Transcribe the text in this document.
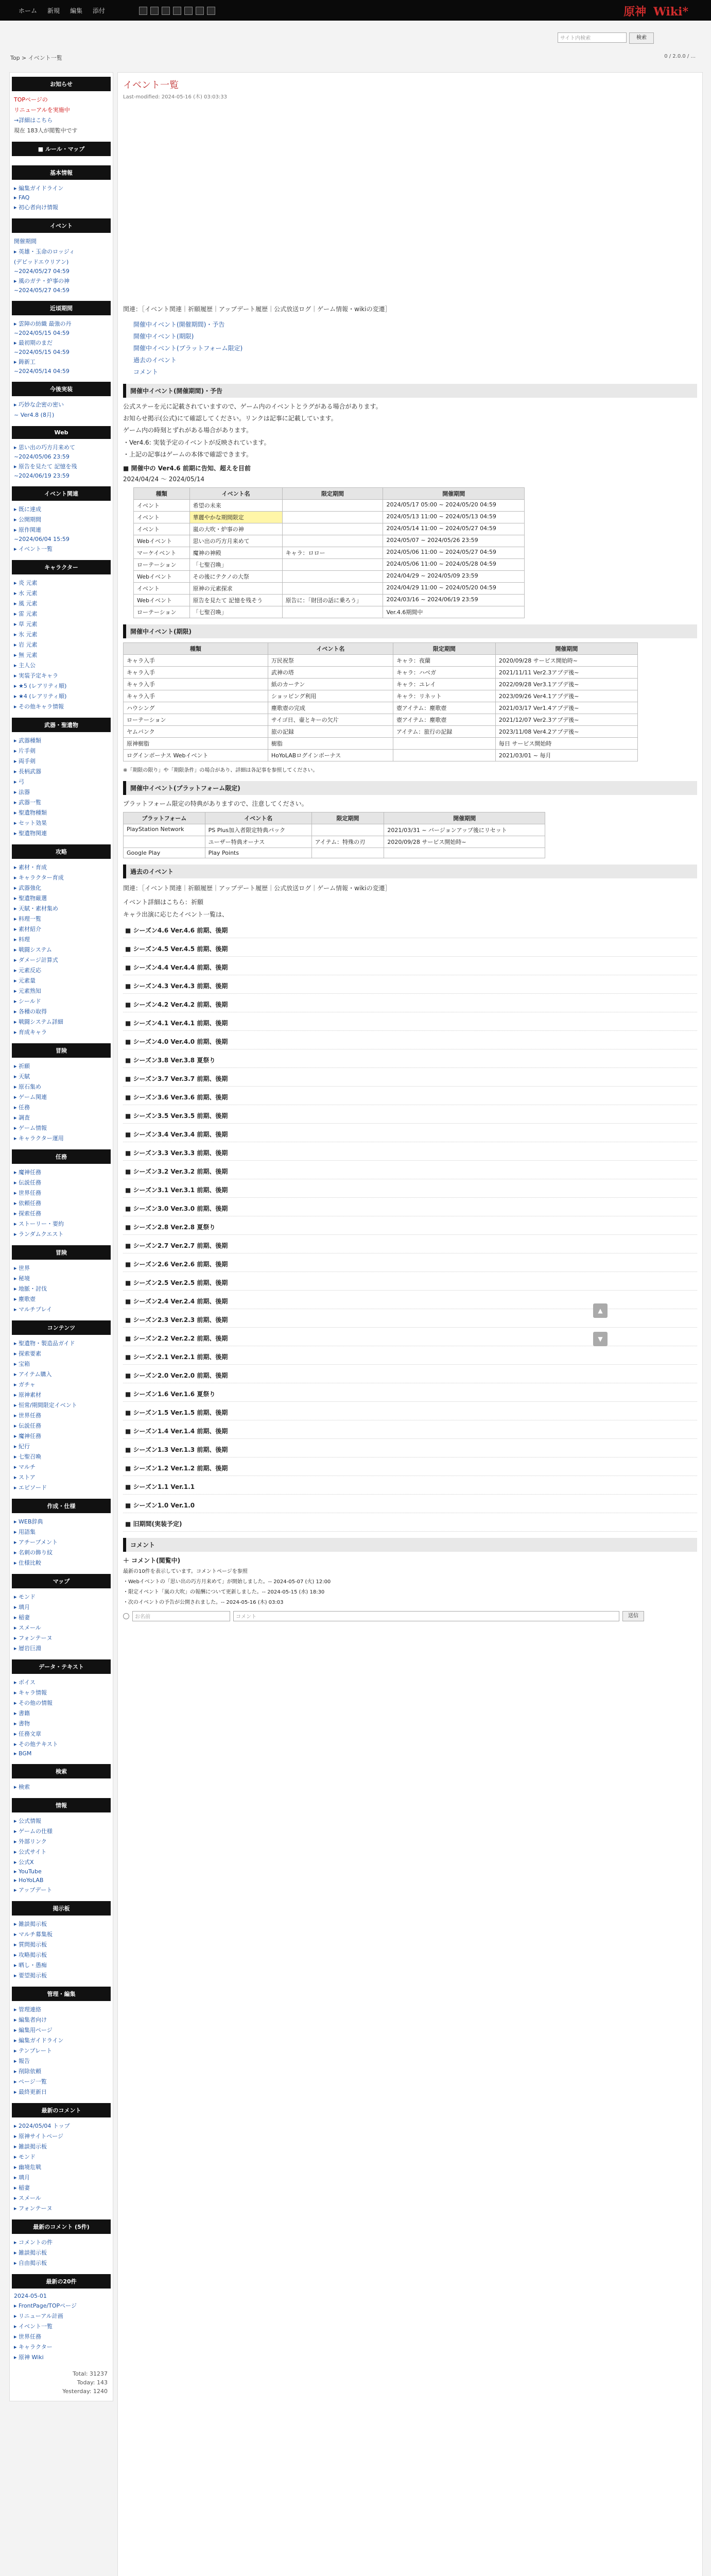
ホーム 新規 編集 添付	原神 Wiki*
サイト内検索	検索
Top > イベント一覧	0 / 2.0.0 / ...
お知らせ
TOPページの
リニューアルを実施中
→詳細はこちら
現在 183人が閲覧中です
■ ルール・マップ
基本情報
▸ 編集ガイドライン
▸ FAQ
▸ 初心者向け情報
イベント
開催期間
▸ 英雄・玉命のロッジィ
(デビッドエウリアン)
~2024/05/27 04:59
▸ 風のガテ・炉事の神
~2024/05/27 04:59
近頃期間
▸ 雲陣の紡織 最強の丹
~2024/05/15 04:59
▸ 最初期のまだ
~2024/05/15 04:59
▸ 鋳新工
~2024/05/14 04:59
今後実装
▸ 巧妙な企密の密い
~ Ver4.8 (8月)
Web
▸ 思い出の巧方月来めて
~2024/05/06 23:59
▸ 原告を見たて 記憶を残
~2024/06/19 23:59
イベント関連
▸ 既に達成
▸ 公開期間
▸ 原作関連
~2024/06/04 15:59
▸ イベント一覧
キャラクター
▸ 炎 元素
▸ 水 元素
▸ 風 元素
▸ 雷 元素
▸ 草 元素
▸ 氷 元素
▸ 岩 元素
▸ 無 元素
▸ 主人公
▸ 実装予定キャラ
▸ ★5 (レアリティ順)
▸ ★4 (レアリティ順)
▸ その他キャラ情報
武器・聖遺物
▸ 武器種類
▸ 片手剣
▸ 両手剣
▸ 長柄武器
▸ 弓
▸ 法器
▸ 武器一覧
▸ 聖遺物種類
▸ セット効果
▸ 聖遺物関連
攻略
▸ 素材・育成
▸ キャラクター育成
▸ 武器強化
▸ 聖遺物厳選
▸ 天賦・素材集め
▸ 料理一覧
▸ 素材紹介
▸ 料理
▸ 戦闘システム
▸ ダメージ計算式
▸ 元素反応
▸ 元素量
▸ 元素熟知
▸ シールド
▸ 各種の取得
▸ 戦闘システム詳細
▸ 育成キャラ
冒険
▸ 祈願
▸ 天賦
▸ 原石集め
▸ ゲーム関連
▸ 任務
▸ 調査
▸ ゲーム情報
▸ キャラクター運用
任務
▸ 魔神任務
▸ 伝説任務
▸ 世界任務
▸ 依頼任務
▸ 探索任務
▸ ストーリー・要約
▸ ランダムクエスト
冒険
▸ 世界
▸ 秘境
▸ 地脈・討伐
▸ 塵歌壺
▸ マルチプレイ
コンテンツ
▸ 聖遺物・製造品ガイド
▸ 探索要素
▸ 宝箱
▸ アイテム購入
▸ ガチャ
▸ 原神素材
▸ 恒常/期間限定イベント
▸ 世界任務
▸ 伝説任務
▸ 魔神任務
▸ 紀行
▸ 七聖召喚
▸ マルチ
▸ ストア
▸ エピソード
作成・仕様
▸ WEB辞典
▸ 用語集
▸ アチーブメント
▸ 名刺の飾り紋
▸ 仕様比較
マップ
▸ モンド
▸ 璃月
▸ 稲妻
▸ スメール
▸ フォンテーヌ
▸ 層岩巨淵
データ・テキスト
▸ ボイス
▸ キャラ情報
▸ その他の情報
▸ 書籍
▸ 書物
▸ 任務文章
▸ その他テキスト
▸ BGM
検索
▸ 検索
情報
▸ 公式情報
▸ ゲームの仕様
▸ 外部リンク
▸ 公式サイト
▸ 公式X
▸ YouTube
▸ HoYoLAB
▸ アップデート
掲示板
▸ 雑談掲示板
▸ マルチ募集板
▸ 質問掲示板
▸ 攻略掲示板
▸ 晒し・愚痴
▸ 要望掲示板
管理・編集
▸ 管理連絡
▸ 編集者向け
▸ 編集用ページ
▸ 編集ガイドライン
▸ テンプレート
▸ 報告
▸ 削除依頼
▸ ページ一覧
▸ 最終更新日
最新のコメント
▸ 2024/05/04 トップ
▸ 原神サイトページ
▸ 雑談掲示板
▸ モンド
▸ 幽境危戦
▸ 璃月
▸ 稲妻
▸ スメール
▸ フォンテーヌ
最新のコメント (5件)
▸ コメントの件
▸ 雑談掲示板
▸ 自由掲示板
最新の20件
2024-05-01
▸ FrontPage/TOPページ
▸ リニューアル計画
▸ イベント一覧
▸ 世界任務
▸ キャラクター
▸ 原神 Wiki
Total: 31237
Today: 143
Yesterday: 1240
イベント一覧
Last-modified: 2024-05-16 (木) 03:03:33
関連：［イベント関連｜祈願履歴｜アップデート履歴｜公式放送ログ｜ゲーム情報・wikiの変遷］
開催中イベント(開催期間)・予告
開催中イベント(期限)
開催中イベント(プラットフォーム限定)
過去のイベント
コメント
開催中イベント(開催期間)・予告
公式ステーを元に記載されていますので、ゲーム内のイベントとラグがある場合があります。
お知らせ掲示(公式)にて確認してください。リンクは記事に記載しています。
ゲーム内の時刻とずれがある場合があります。
・Ver4.6: 実装予定のイベントが反映されています。
・上記の記事はゲームの本体で確認できます。
■ 開催中の Ver4.6 前期に告知、超えを目前
2024/04/24 〜 2024/05/14
種類	イベント名	限定期間	開催期間
イベント	希望の未来		2024/05/17 05:00 ~ 2024/05/20 04:59
イベント	華麗やかな期間限定		2024/05/13 11:00 ~ 2024/05/13 04:59
イベント	嵐の大吹・炉事の神		2024/05/14 11:00 ~ 2024/05/27 04:59
Webイベント	思い出の巧方月来めて		2024/05/07 ~ 2024/05/26 23:59
マーケイベント	魔神の神殿	キャラ：ロロー	2024/05/06 11:00 ~ 2024/05/27 04:59
ローテーション	「七聖召喚」		2024/05/06 11:00 ~ 2024/05/28 04:59
Webイベント	その後にテクノの大祭		2024/04/29 ~ 2024/05/09 23:59
イベント	原神の元素探求		2024/04/29 11:00 ~ 2024/05/20 04:59
Webイベント	原告を見たて 記憶を残そう	原告に：「財団の話に乗ろう」	2024/03/16 ~ 2024/06/19 23:59
ローテーション	「七聖召喚」		Ver.4.6期間中
開催中イベント(期限)
種類	イベント名	限定期間	開催期間
キャラ入手	万民祝祭	キャラ：夜蘭	2020/09/28 サービス開始時~
キャラ入手	武神の塔	キャラ：ハベガ	2021/11/11 Ver2.3アプデ後~
キャラ入手	紙のカーテン	キャラ：ユレイ	2022/09/28 Ver3.1アプデ後~
キャラ入手	ショッピング利用	キャラ：リネット	2023/09/26 Ver4.1アプデ後~
ハウシング	塵歌壺の完成	壺アイテム：塵歌壺	2021/03/17 Ver1.4アプデ後~
ローテーション	サイゴ日、壷とキーの欠片	壺アイテム：塵歌壺	2021/12/07 Ver2.3アプデ後~
ヤムバンク	旅の記録	アイテム：旅行の記録	2023/11/08 Ver4.2アプデ後~
原神樹脂	樹脂		毎日 サービス開始時
ログインボーナス Webイベント	HoYoLABログインボーナス		2021/03/01 ~ 毎月
※「期限の限り」や「期限条件」の場合があり、詳細は各記事を参照してください。
開催中イベント(プラットフォーム限定)
プラットフォーム限定の特典がありますので、注意してください。
プラットフォーム	イベント名	限定期間	開催期間
PlayStation Network	PS Plus加入者限定特典パック		2021/03/31 ~ バージョンアップ後にリセット
	ユーザー特典オーナス	アイテム：特殊の刃	2020/09/28 サービス開始時~
Google Play	Play Points		
過去のイベント
関連：［イベント関連｜祈願履歴｜アップデート履歴｜公式放送ログ｜ゲーム情報・wikiの変遷］
イベント詳細はこちら：祈願
キャラ出演に応じたイベント一覧は、
■ シーズン4.6 Ver.4.6 前期、後期
■ シーズン4.5 Ver.4.5 前期、後期
■ シーズン4.4 Ver.4.4 前期、後期
■ シーズン4.3 Ver.4.3 前期、後期
■ シーズン4.2 Ver.4.2 前期、後期
■ シーズン4.1 Ver.4.1 前期、後期
■ シーズン4.0 Ver.4.0 前期、後期
■ シーズン3.8 Ver.3.8 夏祭り
■ シーズン3.7 Ver.3.7 前期、後期
■ シーズン3.6 Ver.3.6 前期、後期
■ シーズン3.5 Ver.3.5 前期、後期
■ シーズン3.4 Ver.3.4 前期、後期
■ シーズン3.3 Ver.3.3 前期、後期
■ シーズン3.2 Ver.3.2 前期、後期
■ シーズン3.1 Ver.3.1 前期、後期
■ シーズン3.0 Ver.3.0 前期、後期
■ シーズン2.8 Ver.2.8 夏祭り
■ シーズン2.7 Ver.2.7 前期、後期
■ シーズン2.6 Ver.2.6 前期、後期
■ シーズン2.5 Ver.2.5 前期、後期
■ シーズン2.4 Ver.2.4 前期、後期
■ シーズン2.3 Ver.2.3 前期、後期
■ シーズン2.2 Ver.2.2 前期、後期
■ シーズン2.1 Ver.2.1 前期、後期
■ シーズン2.0 Ver.2.0 前期、後期
■ シーズン1.6 Ver.1.6 夏祭り
■ シーズン1.5 Ver.1.5 前期、後期
■ シーズン1.4 Ver.1.4 前期、後期
■ シーズン1.3 Ver.1.3 前期、後期
■ シーズン1.2 Ver.1.2 前期、後期
■ シーズン1.1 Ver.1.1
■ シーズン1.0 Ver.1.0
■ 旧期間(実装予定)
コメント
＋ コメント(閲覧中)
最新の10件を表示しています。コメントページを参照
・Webイベントの「思い出の巧方月来めて」が開始しました。-- 2024-05-07 (火) 12:00
・限定イベント「嵐の大吹」の報酬について更新しました。-- 2024-05-15 (水) 18:30
・次のイベントの予告が公開されました。-- 2024-05-16 (木) 03:03
お名前	コメント	送信
▲
▼
